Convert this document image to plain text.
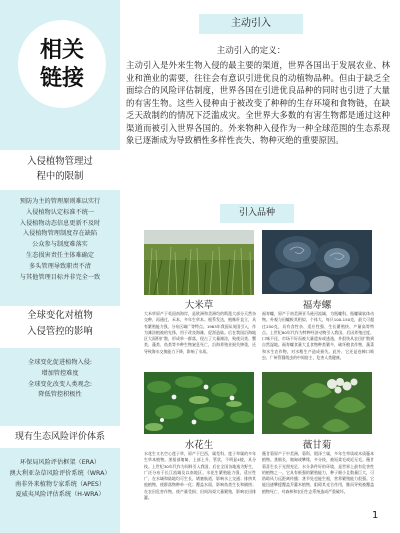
相关
链接
入侵植物管理过
程中的限制
预防为主的管理原则难以实行
入侵植物认定标准不统一
入侵植物动态信息更新不及时
入侵植物管理制度存在缺陷
公众参与制度难落实
生态损害责任主体难确定
多头管理导致职责不清
与其他管理目标并非完全一致
全球变化对植物
入侵管控的影响
全球变化促进植物入侵:
增加管控难度
全球变化改变人类观念:
降低管控积极性
现有生态风险评价体系
环保局风险评估框架（ERA）
澳大利亚杂草风险评价系统（WRA）
南非外来植物专家系统（APES）
夏威夷风险评估系统（H-WRA）
主动引入
主动引入的定义：
主动引入是外来生物入侵的最主要的渠道，世界各国出于发展农业、林业和渔业的需要，往往会有意识引进优良的动植物品种。但由于缺乏全面综合的风险评估制度，世界各国在引进优良品种的同时也引进了大量的有害生物。这些入侵种由于被改变了种种的生存环境和食物链，在缺乏天敌制约的情况下泛滥成灾。全世界大多数的有害生物都是通过这种渠道而被引入世界各国的。外来物种入侵作为一种全球范围的生态系现象已逐渐成为导致栖性多样性丧失、物种灭绝的重要原因。
引入品种
大米草
大米草原产于英国南海岸，是欧洲和美洲均的斯派大部分天然杂交种，再通过，禾本，多年生草本。根系发达，植株秆直立，具有繁殖能力强，分布区域广等特点。1963年我国从英国引入，作为滩涂植被的先锋，用于改良海滩、促淤造陆。后在我国沿海地区大面积扩散，形成单一群落，侵占了大量滩涂，致使贝类、蟹类、藻类、鱼类等多种生物窒息死亡，沿海养殖业损失惨重，还导致海水交换能力下降，影响了水质。
福寿螺
福寿螺，原产于南美洲亚马逊河流域，为瓶螺科、瓶螺属软体动物。外观与田螺极其相似，个体大，每只100-150克，最大可超过250克，具有食性杂、适应性强、生长繁殖快、产量高等特点。上世纪80年代作为特种经济动物引入我国，后因养殖过度、口味不佳、市场不好而被大量遗弃或逃逸，并很快从农田扩散到自然湿地。福寿螺食量大且食物种类繁多，破坏粮食作物、蔬菜和水生农作物，对水稻生产造成损失。此外，它还是卷棘口吸虫、广州管圆线虫的中间宿主，危害人类健康。
水花生
水花生又名空心莲子草，原产于巴西，属苋科、莲子草属的多年生草本植物。茎基部匍匐、上部上升，管状，不明显4棱，具分枝。上世纪30年代作为饲料引入我国，后在全国各地逸为野生，广泛分布于长江流域及以南地区。水花生繁殖能力强，适应性广，在水域和陆地均可生长，堵塞航道，影响水上交通；排挤其他植物，使群落物种单一化；覆盖水面，影响鱼类生长和捕捞；在农田危害作物，使产量受损；田间沟渠大量繁殖，影响农田排灌。
薇甘菊
薇甘菊原产于中美洲，菊科、假泽兰属，多年生草质或木质藤本植物。茎细长，匍匐或攀缘，多分枝，被短柔毛或近无毛。薇甘菊喜生长于光照充足、水分条件好的环境，是世界上最有危害性的植物之一。它具有极强的繁殖能力，种子细小且数量巨大，可借助风力远距离传播；茎节处也能生根，营养繁殖能力很强。它能迅速攀援覆盖乔灌木植物，阻碍其光合作用，继而导致被覆盖植物死亡，对森林和农田生态系统造成严重破坏。
1
